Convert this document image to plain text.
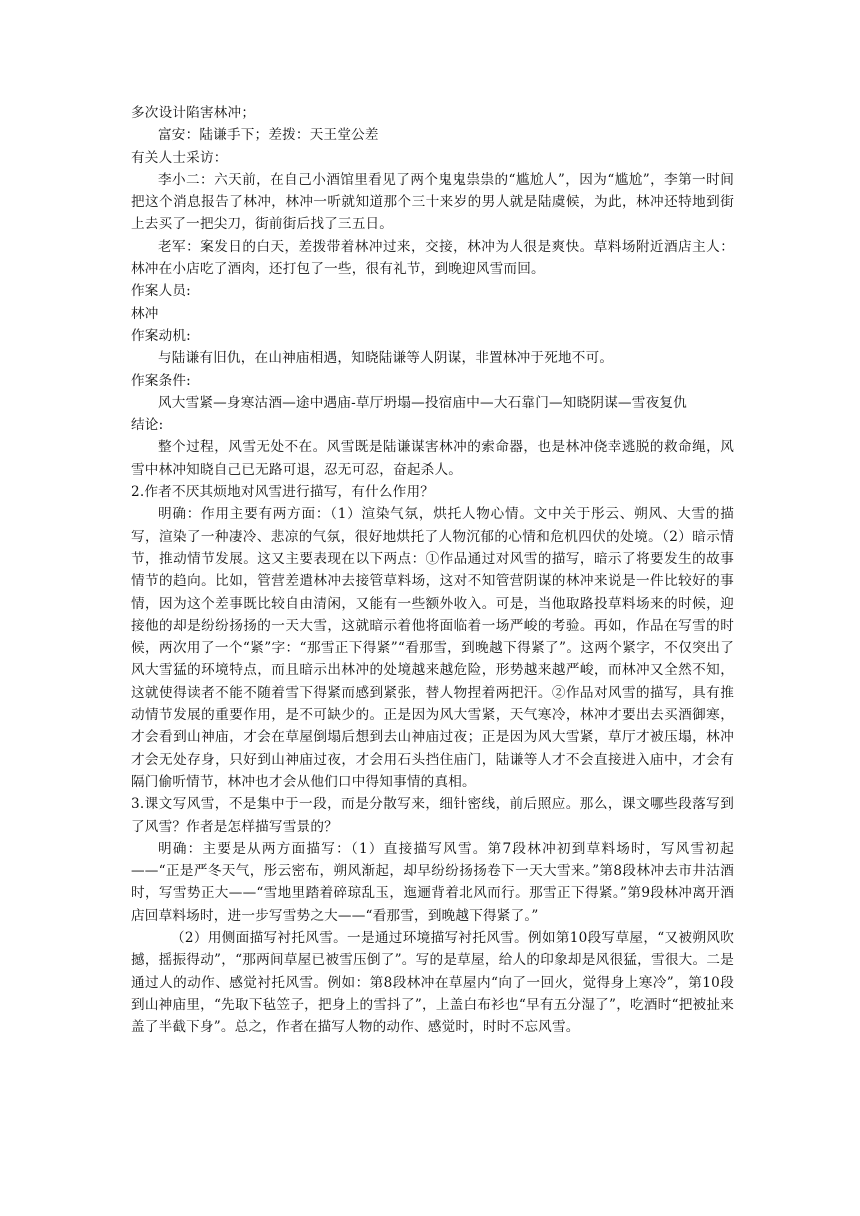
多次设计陷害林冲；

富安：陆谦手下；差拨：天王堂公差

有关人士采访：

李小二：六天前，在自己小酒馆里看见了两个鬼鬼祟祟的“尴尬人”，因为“尴尬”，李第一时间把这个消息报告了林冲，林冲一听就知道那个三十来岁的男人就是陆虞候，为此，林冲还特地到街上去买了一把尖刀，街前街后找了三五日。

老军：案发日的白天，差拨带着林冲过来，交接，林冲为人很是爽快。草料场附近酒店主人：林冲在小店吃了酒肉，还打包了一些，很有礼节，到晚迎风雪而回。

作案人员:

林冲

作案动机:

与陆谦有旧仇，在山神庙相遇，知晓陆谦等人阴谋，非置林冲于死地不可。

作案条件:

风大雪紧—身寒沽酒—途中遇庙-草厅坍塌—投宿庙中—大石靠门—知晓阴谋—雪夜复仇

结论:

整个过程，风雪无处不在。风雪既是陆谦谋害林冲的索命器，也是林冲侥幸逃脱的救命绳，风雪中林冲知晓自己已无路可退，忍无可忍，奋起杀人。

2.作者不厌其烦地对风雪进行描写，有什么作用？

明确：作用主要有两方面：（1）渲染气氛，烘托人物心情。文中关于彤云、朔风、大雪的描写，渲染了一种凄冷、悲凉的气氛，很好地烘托了人物沉郁的心情和危机四伏的处境。（2）暗示情节，推动情节发展。这又主要表现在以下两点：①作品通过对风雪的描写，暗示了将要发生的故事情节的趋向。比如，管营差遣林冲去接管草料场，这对不知管营阴谋的林冲来说是一件比较好的事情，因为这个差事既比较自由清闲，又能有一些额外收入。可是，当他取路投草料场来的时候，迎接他的却是纷纷扬扬的一天大雪，这就暗示着他将面临着一场严峻的考验。再如，作品在写雪的时候，两次用了一个“紧”字：“那雪正下得紧”“看那雪，到晚越下得紧了”。这两个紧字，不仅突出了风大雪猛的环境特点，而且暗示出林冲的处境越来越危险，形势越来越严峻，而林冲又全然不知，这就使得读者不能不随着雪下得紧而感到紧张，替人物捏着两把汗。②作品对风雪的描写，具有推动情节发展的重要作用，是不可缺少的。正是因为风大雪紧，天气寒冷，林冲才要出去买酒御寒，才会看到山神庙，才会在草屋倒塌后想到去山神庙过夜；正是因为风大雪紧，草厅才被压塌，林冲才会无处存身，只好到山神庙过夜，才会用石头挡住庙门，陆谦等人才不会直接进入庙中，才会有隔门偷听情节，林冲也才会从他们口中得知事情的真相。

3.课文写风雪，不是集中于一段，而是分散写来，细针密线，前后照应。那么，课文哪些段落写到了风雪？作者是怎样描写雪景的？

明确：主要是从两方面描写：（1）直接描写风雪。第7段林冲初到草料场时，写风雪初起——“正是严冬天气，彤云密布，朔风渐起，却早纷纷扬扬卷下一天大雪来。”第8段林冲去市井沽酒时，写雪势正大——“雪地里踏着碎琼乱玉，迤逦背着北风而行。那雪正下得紧。”第9段林冲离开酒店回草料场时，进一步写雪势之大——“看那雪，到晚越下得紧了。”

（2）用侧面描写衬托风雪。一是通过环境描写衬托风雪。例如第10段写草屋，“又被朔风吹撼，摇振得动”，“那两间草屋已被雪压倒了”。写的是草屋，给人的印象却是风很猛，雪很大。二是通过人的动作、感觉衬托风雪。例如：第8段林冲在草屋内“向了一回火，觉得身上寒冷”，第10段到山神庙里，“先取下毡笠子，把身上的雪抖了”，上盖白布衫也“早有五分湿了”，吃酒时“把被扯来盖了半截下身”。总之，作者在描写人物的动作、感觉时，时时不忘风雪。
